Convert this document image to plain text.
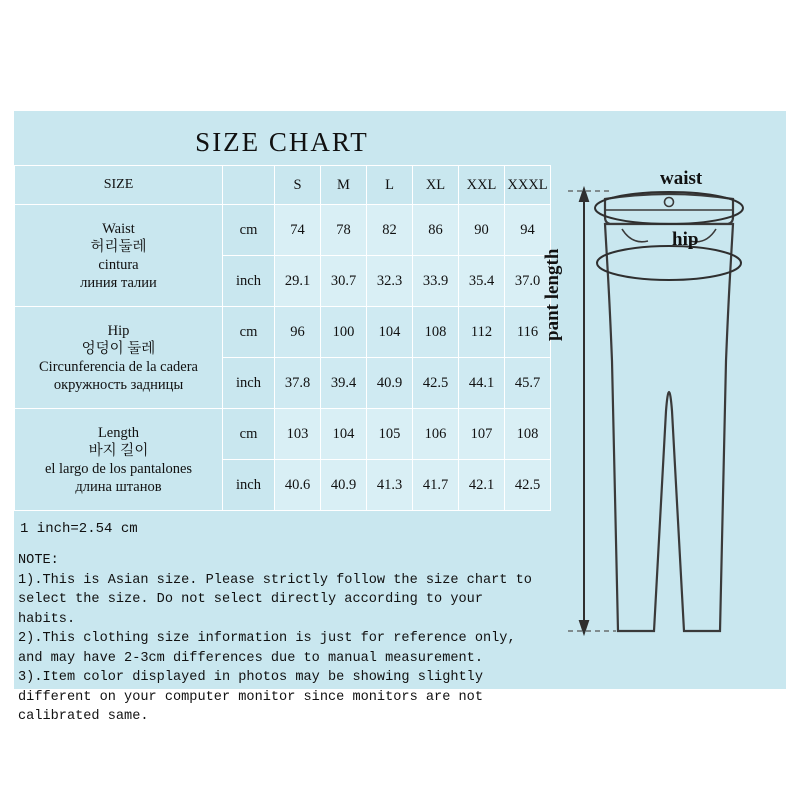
SIZE CHART
SIZE		S	M	L	XL	XXL	XXXL

Waist
허리둘레
cintura
линия талии	cm	74	78	82	86	90	94
	inch	29.1	30.7	32.3	33.9	35.4	37.0

Hip
엉덩이 둘레
Circunferencia de la cadera
окружность задницы	cm	96	100	104	108	112	116
	inch	37.8	39.4	40.9	42.5	44.1	45.7

Length
바지 길이
el largo de los pantalones
длина штанов	cm	103	104	105	106	107	108
	inch	40.6	40.9	41.3	41.7	42.1	42.5
1 inch=2.54 cm
NOTE:
1).This is Asian size. Please strictly follow the size chart to select the size. Do not select directly according to your habits.
2).This clothing size information is just for reference only, and may have 2-3cm differences due to manual measurement.
3).Item color displayed in photos may be showing slightly different on your computer monitor since monitors are not calibrated same.
waist
hip
pant length
